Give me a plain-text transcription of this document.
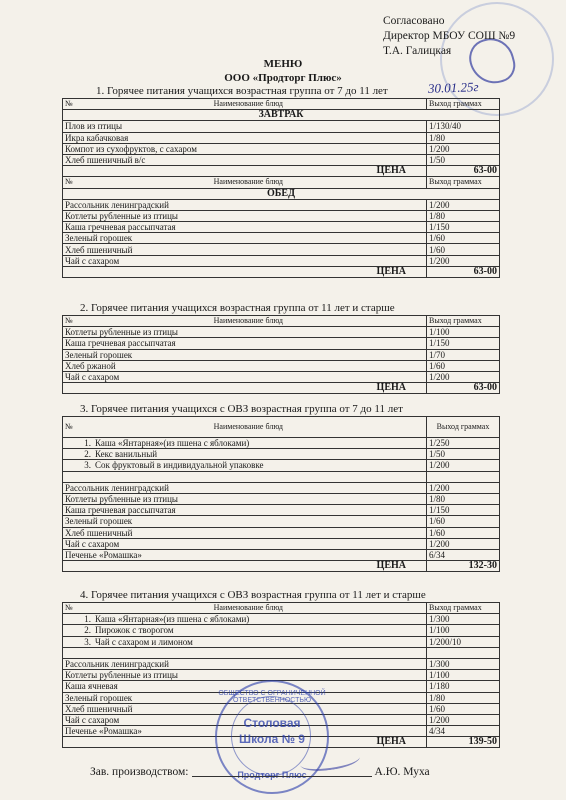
Согласовано
Директор МБОУ СОШ №9
Т.А. Галицкая
30.01.25г
МЕНЮ
ООО «Продторг Плюс»
1. Горячее питания учащихся возрастная группа от 7 до 11 лет
№ Наименование блюд	Выход граммах
ЗАВТРАК	
Плов из птицы	1/130/40
Икра кабачковая	1/80
Компот из сухофруктов, с сахаром	1/200
Хлеб пшеничный в/с	1/50
ЦЕНА	63-00

№ Наименование блюд	Выход граммах
ОБЕД	
Рассольник ленинградский	1/200
Котлеты рубленные из птицы	1/80
Каша гречневая рассыпчатая	1/150
Зеленый горошек	1/60
Хлеб пшеничный	1/60
Чай с сахаром	1/200
ЦЕНА	63-00
2. Горячее питания учащихся возрастная группа от 11 лет и старше
№ Наименование блюд	Выход граммах
Котлеты рубленные из птицы	1/100
Каша гречневая рассыпчатая	1/150
Зеленый горошек	1/70
Хлеб ржаной	1/60
Чай с сахаром	1/200
ЦЕНА	63-00
3. Горячее питания учащихся с ОВЗ возрастная группа от 7 до 11 лет
№ Наименование блюд	Выход граммах
1. Каша «Янтарная»(из пшена с яблоками)	1/250
2. Кекс ванильный	1/50
3. Сок фруктовый в индивидуальной упаковке	1/200

Рассольник ленинградский	1/200
Котлеты рубленные из птицы	1/80
Каша гречневая рассыпчатая	1/150
Зеленый горошек	1/60
Хлеб пшеничный	1/60
Чай с сахаром	1/200
Печенье «Ромашка»	6/34
ЦЕНА	132-30
4. Горячее питания учащихся с ОВЗ возрастная группа от 11 лет и старше
№ Наименование блюд	Выход граммах
1. Каша «Янтарная»(из пшена с яблоками)	1/300
2. Пирожок с творогом	1/100
3. Чай с сахаром и лимоном	1/200/10

Рассольник ленинградский	1/300
Котлеты рубленные из птицы	1/100
Каша ячневая	1/180
Зеленый горошек	1/80
Хлеб пшеничный	1/60
Чай с сахаром	1/200
Печенье «Ромашка»	4/34
ЦЕНА	139-50
ОБЩЕСТВО С ОГРАНИЧЕННОЙ ОТВЕТСТВЕННОСТЬЮ
Столовая
Школа № 9
Продторг Плюс
Зав. производством:	А.Ю. Муха
